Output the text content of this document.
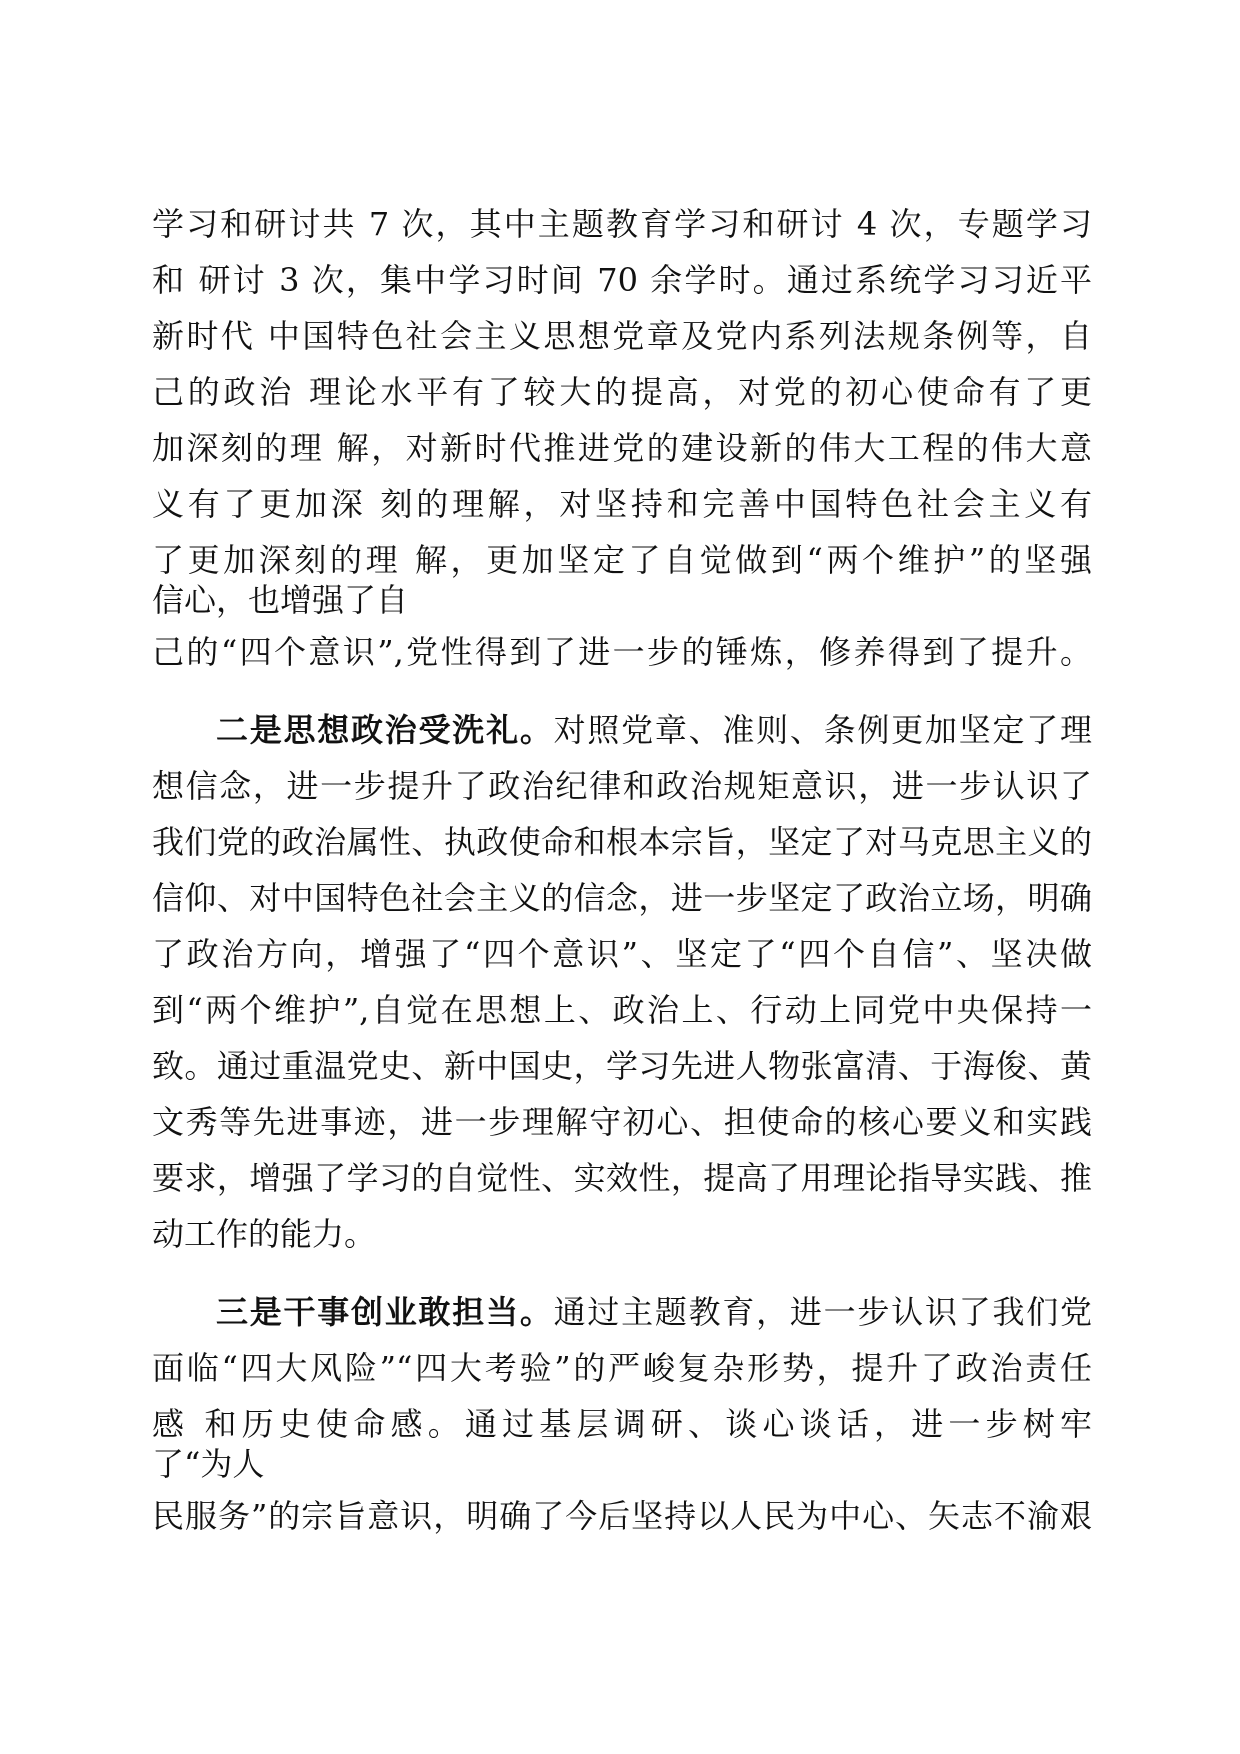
学习和研讨共 7 次，其中主题教育学习和研讨 4 次，专题学习
和 研讨 3 次，集中学习时间 70 余学时。通过系统学习习近平
新时代 中国特色社会主义思想党章及党内系列法规条例等，自
己的政治 理论水平有了较大的提高，对党的初心使命有了更
加深刻的理 解，对新时代推进党的建设新的伟大工程的伟大意
义有了更加深 刻的理解，对坚持和完善中国特色社会主义有
了更加深刻的理 解，更加坚定了自觉做到“两个维护”的坚强
信心，也增强了自
己的“四个意识”,党性得到了进一步的锤炼，修养得到了提升。
二是思想政治受洗礼。对照党章、准则、条例更加坚定了理
想信念，进一步提升了政治纪律和政治规矩意识，进一步认识了
我们党的政治属性、执政使命和根本宗旨，坚定了对马克思主义的
信仰、对中国特色社会主义的信念，进一步坚定了政治立场，明确
了政治方向，增强了“四个意识”、坚定了“四个自信”、坚决做
到“两个维护”,自觉在思想上、政治上、行动上同党中央保持一
致。通过重温党史、新中国史，学习先进人物张富清、于海俊、黄
文秀等先进事迹，进一步理解守初心、担使命的核心要义和实践
要求，增强了学习的自觉性、实效性，提高了用理论指导实践、推
动工作的能力。
三是干事创业敢担当。通过主题教育，进一步认识了我们党
面临“四大风险”“四大考验”的严峻复杂形势，提升了政治责任
感 和历史使命感。通过基层调研、谈心谈话，进一步树牢
了“为人
民服务”的宗旨意识，明确了今后坚持以人民为中心、矢志不渝艰
